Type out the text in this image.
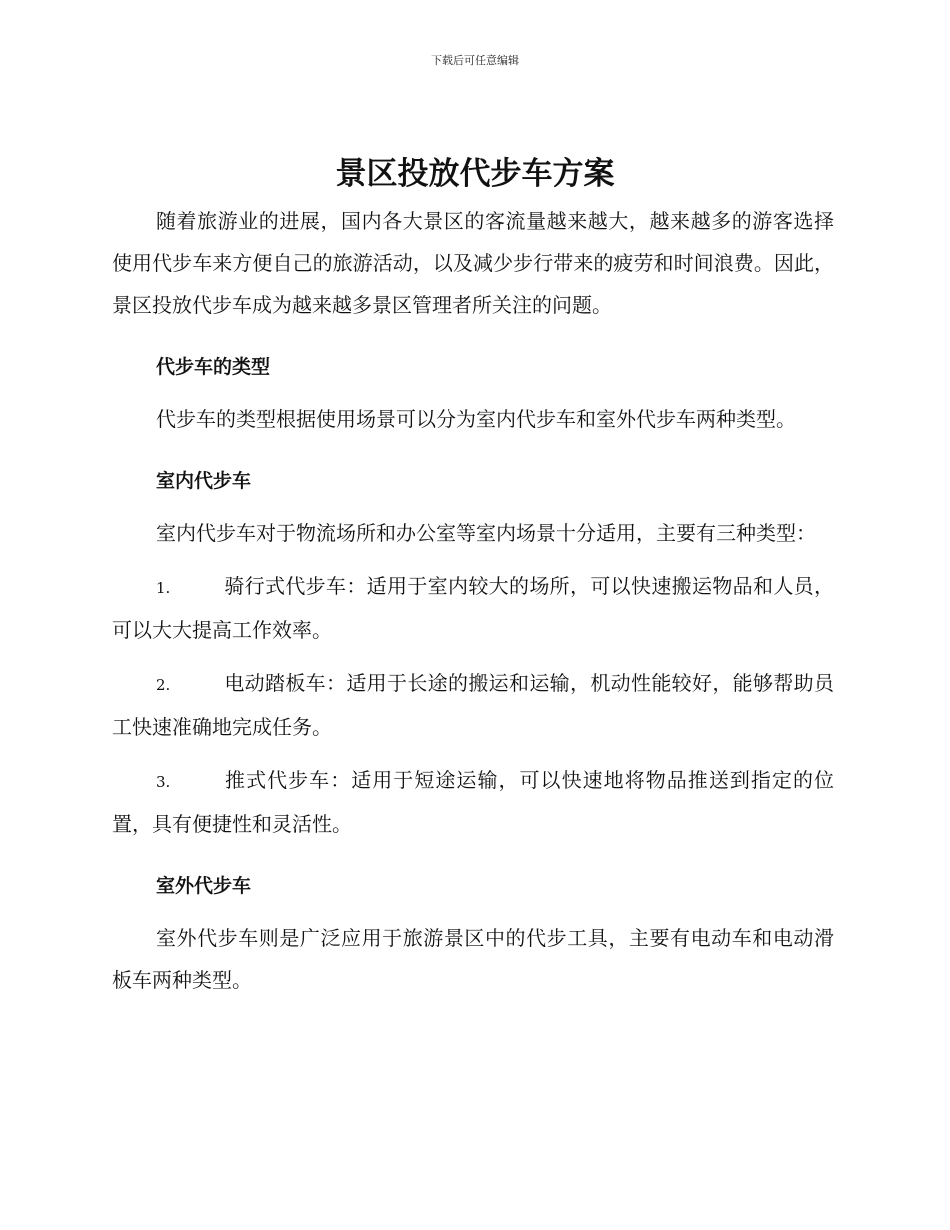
下载后可任意编辑
景区投放代步车方案

随着旅游业的进展，国内各大景区的客流量越来越大，越来越多的游客选择使用代步车来方便自己的旅游活动，以及减少步行带来的疲劳和时间浪费。因此，景区投放代步车成为越来越多景区管理者所关注的问题。

代步车的类型

代步车的类型根据使用场景可以分为室内代步车和室外代步车两种类型。

室内代步车

室内代步车对于物流场所和办公室等室内场景十分适用，主要有三种类型：

1.	骑行式代步车：适用于室内较大的场所，可以快速搬运物品和人员，可以大大提高工作效率。

2.	电动踏板车：适用于长途的搬运和运输，机动性能较好，能够帮助员工快速准确地完成任务。

3.	推式代步车：适用于短途运输，可以快速地将物品推送到指定的位置，具有便捷性和灵活性。

室外代步车

室外代步车则是广泛应用于旅游景区中的代步工具，主要有电动车和电动滑板车两种类型。
